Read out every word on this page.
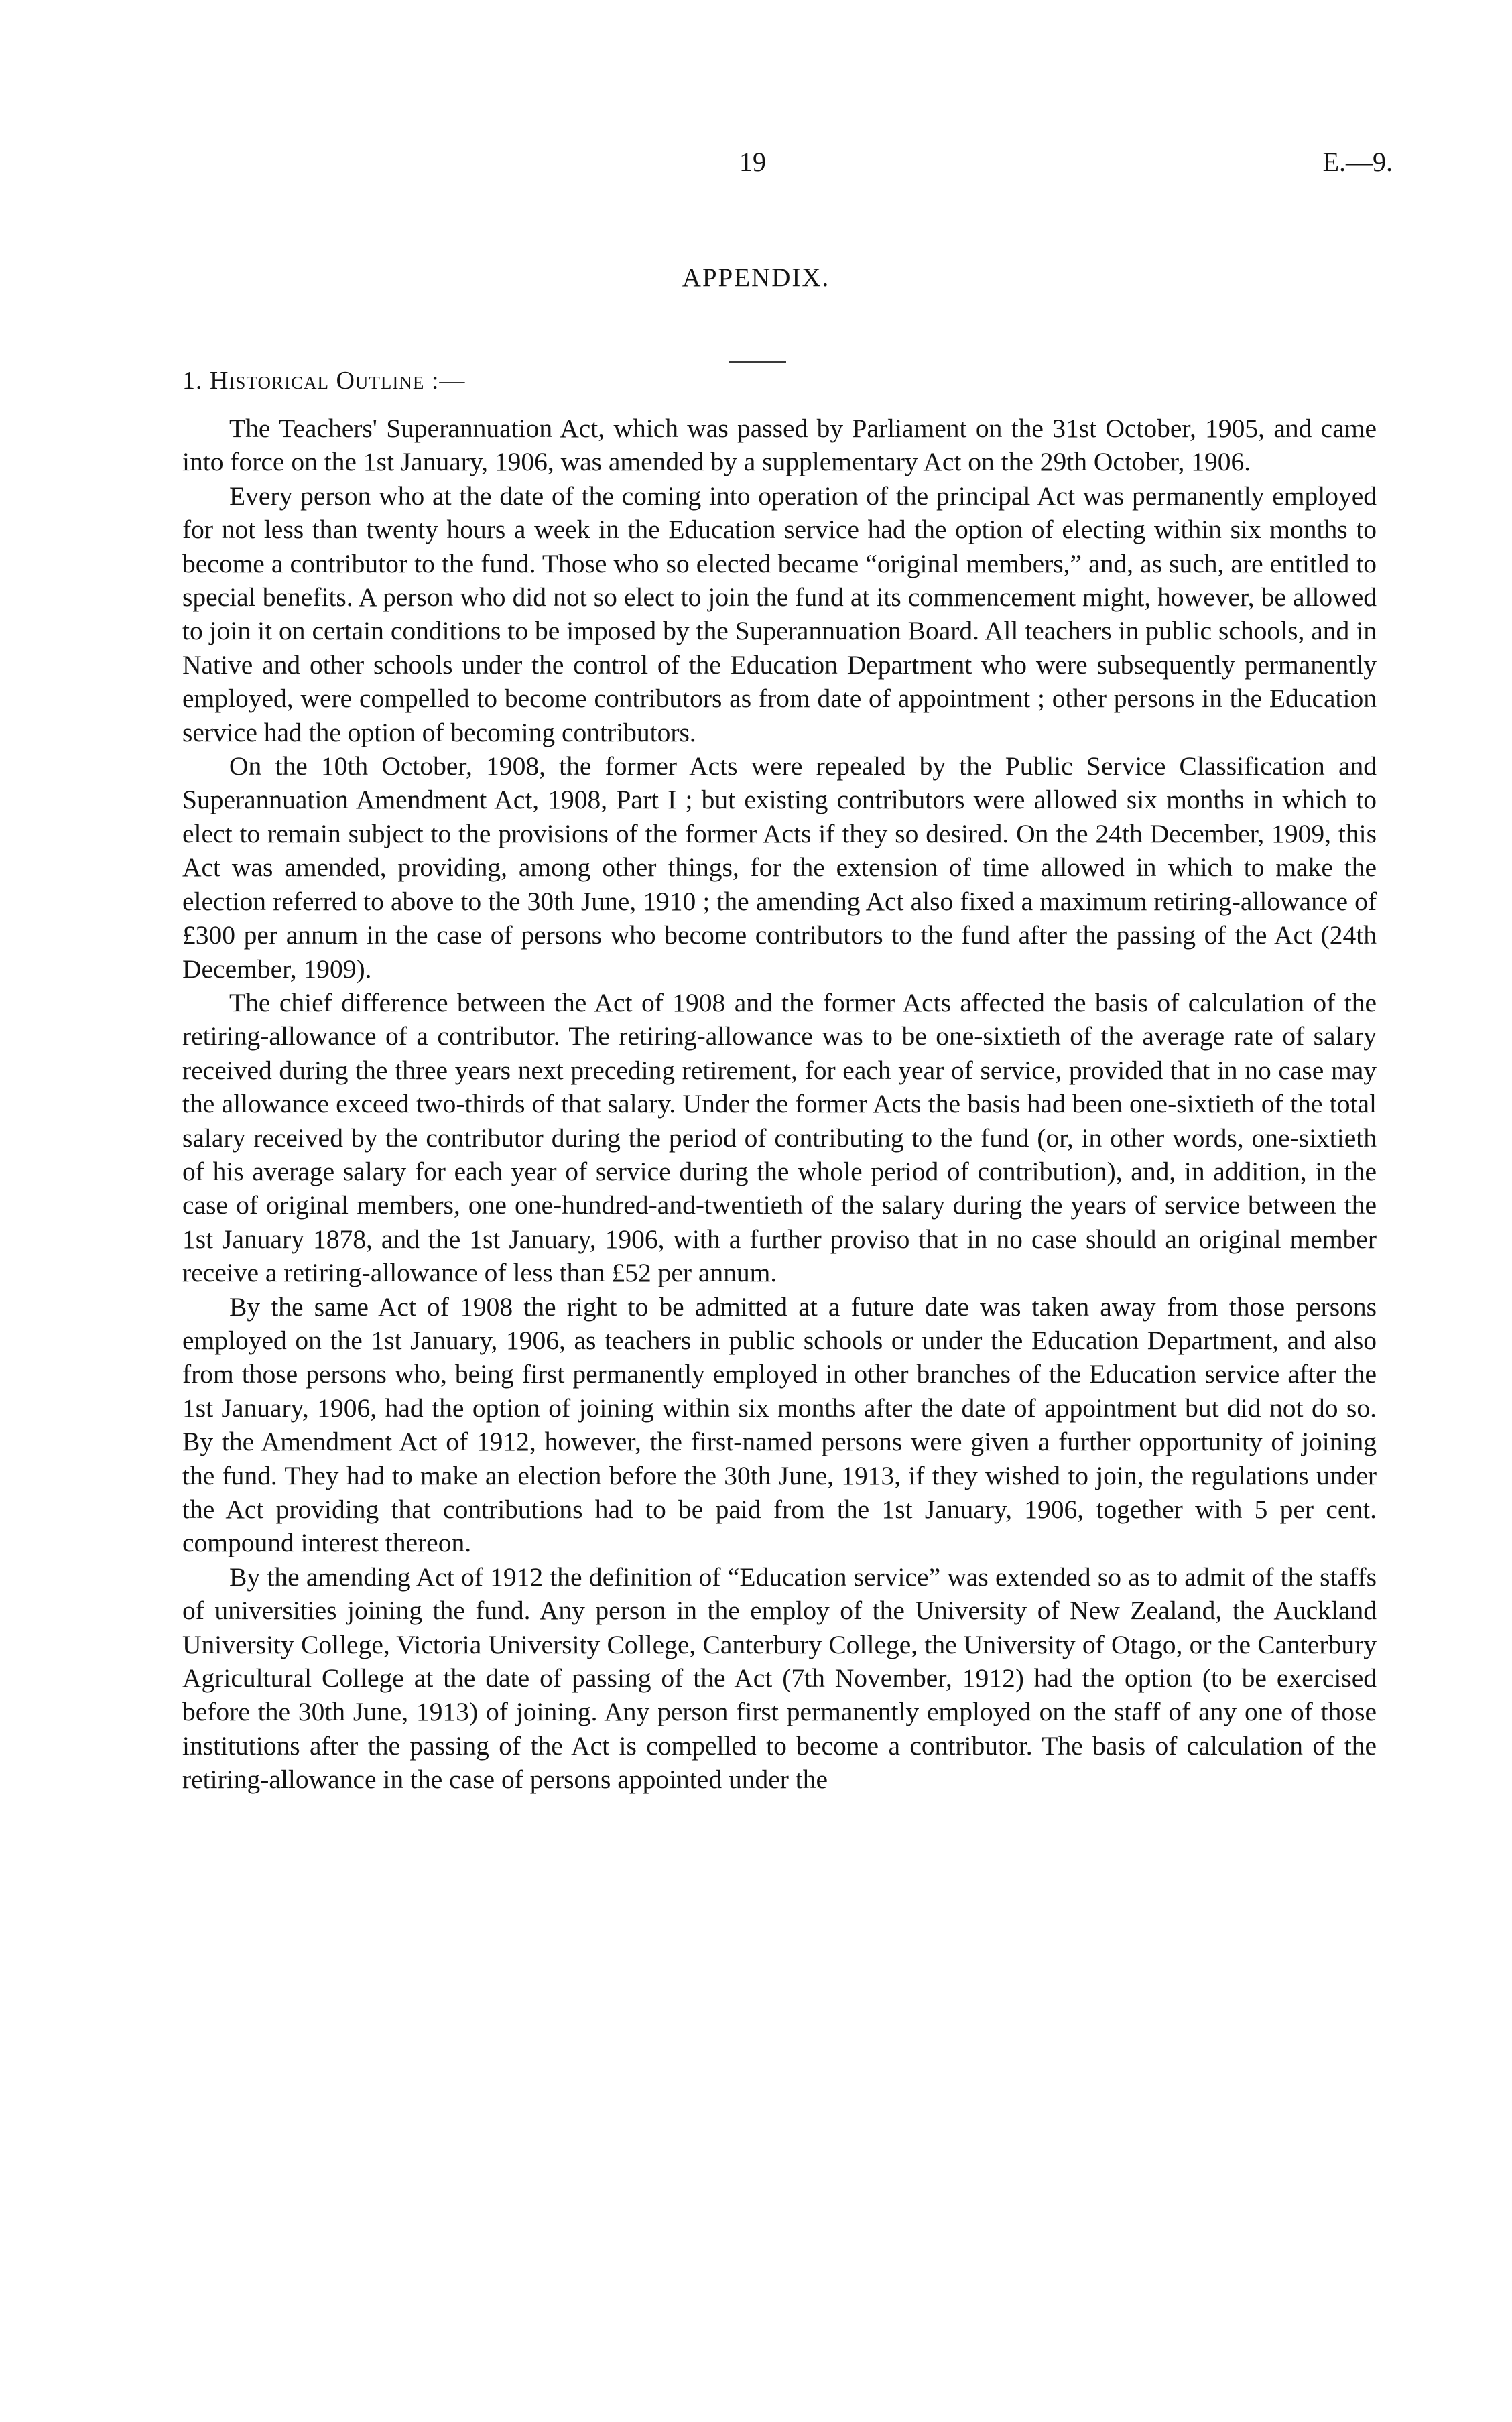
19	E.—9.
APPENDIX.
1. Historical Outline :—

The Teachers' Superannuation Act, which was passed by Parliament on the 31st October, 1905, and came into force on the 1st January, 1906, was amended by a supplementary Act on the 29th October, 1906.

Every person who at the date of the coming into operation of the principal Act was permanently employed for not less than twenty hours a week in the Education service had the option of electing within six months to become a contributor to the fund. Those who so elected became “original members,” and, as such, are entitled to special benefits. A person who did not so elect to join the fund at its commencement might, however, be allowed to join it on certain conditions to be imposed by the Superannuation Board. All teachers in public schools, and in Native and other schools under the control of the Education Department who were subsequently permanently employed, were compelled to become contributors as from date of appointment ; other persons in the Education service had the option of becoming contributors.

On the 10th October, 1908, the former Acts were repealed by the Public Service Classification and Superannuation Amendment Act, 1908, Part I ; but existing contributors were allowed six months in which to elect to remain subject to the provisions of the former Acts if they so desired. On the 24th December, 1909, this Act was amended, providing, among other things, for the extension of time allowed in which to make the election referred to above to the 30th June, 1910 ; the amending Act also fixed a maximum retiring-allowance of £300 per annum in the case of persons who become contributors to the fund after the passing of the Act (24th December, 1909).

The chief difference between the Act of 1908 and the former Acts affected the basis of calculation of the retiring-allowance of a contributor. The retiring-allowance was to be one-sixtieth of the average rate of salary received during the three years next preceding retirement, for each year of service, provided that in no case may the allowance exceed two-thirds of that salary. Under the former Acts the basis had been one-sixtieth of the total salary received by the contributor during the period of contributing to the fund (or, in other words, one-sixtieth of his average salary for each year of service during the whole period of contribution), and, in addition, in the case of original members, one one-hundred-and-twentieth of the salary during the years of service between the 1st January 1878, and the 1st January, 1906, with a further proviso that in no case should an original member receive a retiring-allowance of less than £52 per annum.

By the same Act of 1908 the right to be admitted at a future date was taken away from those persons employed on the 1st January, 1906, as teachers in public schools or under the Education Department, and also from those persons who, being first permanently employed in other branches of the Education service after the 1st January, 1906, had the option of joining within six months after the date of appointment but did not do so. By the Amendment Act of 1912, however, the first-named persons were given a further opportunity of joining the fund. They had to make an election before the 30th June, 1913, if they wished to join, the regulations under the Act providing that contributions had to be paid from the 1st January, 1906, together with 5 per cent. compound interest thereon.

By the amending Act of 1912 the definition of “Education service” was extended so as to admit of the staffs of universities joining the fund. Any person in the employ of the University of New Zealand, the Auckland University College, Victoria University College, Canterbury College, the University of Otago, or the Canterbury Agricultural College at the date of passing of the Act (7th November, 1912) had the option (to be exercised before the 30th June, 1913) of joining. Any person first permanently employed on the staff of any one of those institutions after the passing of the Act is compelled to become a contributor. The basis of calculation of the retiring-allowance in the case of persons appointed under the
